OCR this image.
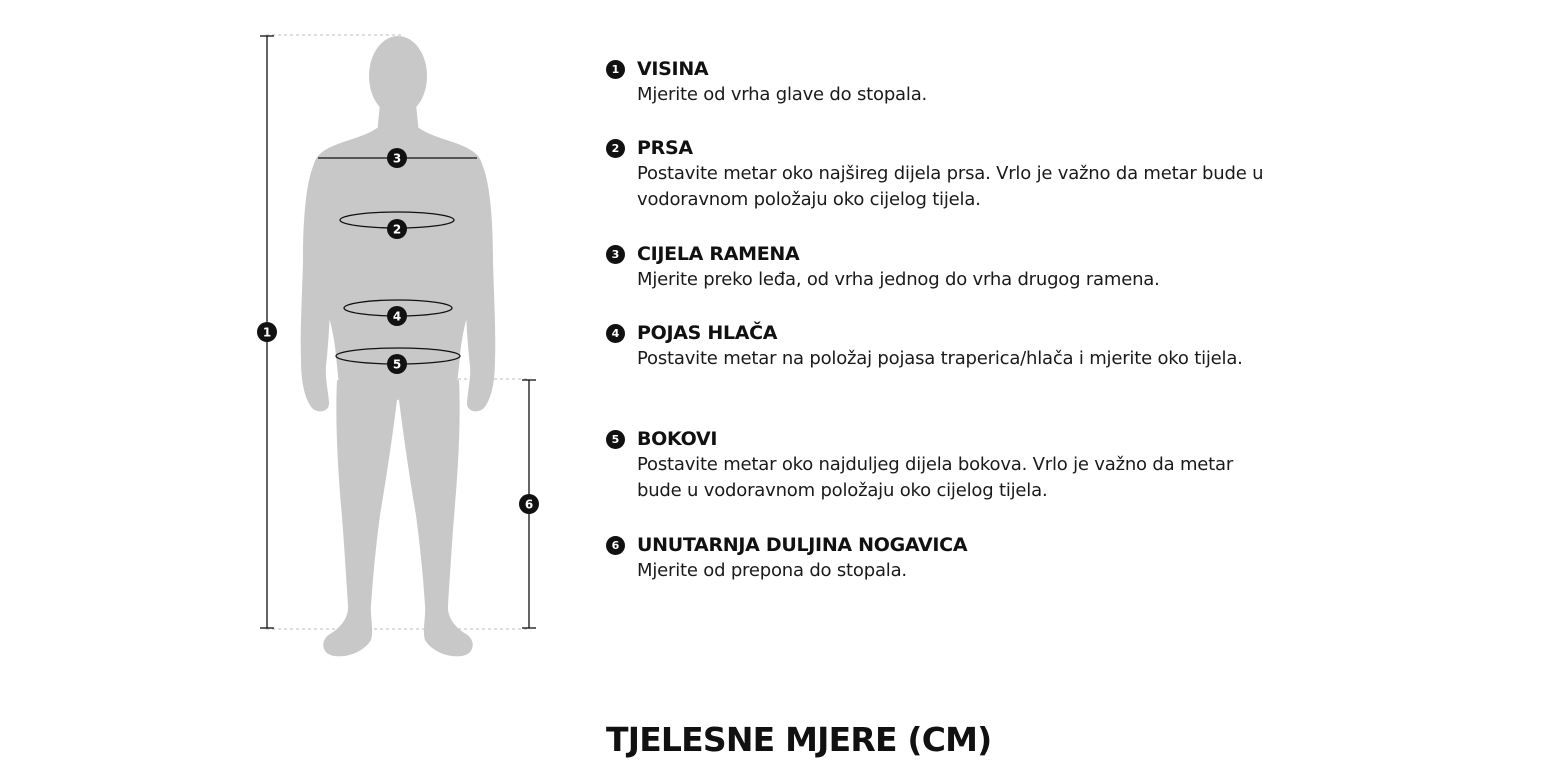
1
3
2
4
5
6
1 VISINA

Mjerite od vrha glave do stopala.

2 PRSA

Postavite metar oko najšireg dijela prsa. Vrlo je važno da metar bude u vodoravnom položaju oko cijelog tijela.

3 CIJELA RAMENA

Mjerite preko leđa, od vrha jednog do vrha drugog ramena.

4 POJAS HLAČA

Postavite metar na položaj pojasa traperica/hlača i mjerite oko tijela.

5 BOKOVI

Postavite metar oko najduljeg dijela bokova. Vrlo je važno da metar bude u vodoravnom položaju oko cijelog tijela.

6 UNUTARNJA DULJINA NOGAVICA

Mjerite od prepona do stopala.

TJELESNE MJERE (CM)
